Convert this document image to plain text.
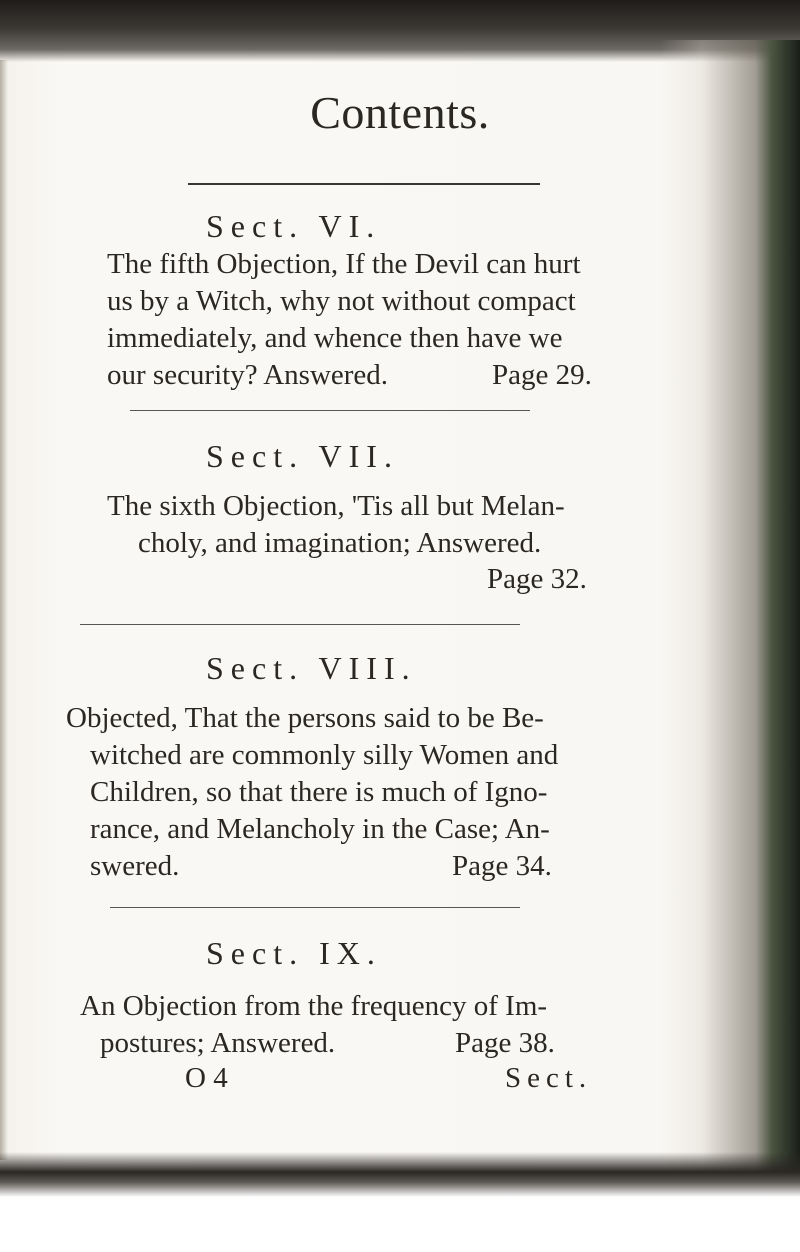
Contents.
Sect. VI.
The fifth Objection, If the Devil can hurt
us by a Witch, why not without compact
immediately, and whence then have we
our security? Answered.	Page 29.
Sect. VII.
The sixth Objection, 'Tis all but Melan-
choly, and imagination; Answered.
Page 32.
Sect. VIII.
Objected, That the persons said to be Be-
witched are commonly silly Women and
Children, so that there is much of Igno-
rance, and Melancholy in the Case; An-
swered.	Page 34.
Sect. IX.
An Objection from the frequency of Im-
postures; Answered.	Page 38.
O 4	Sect.
